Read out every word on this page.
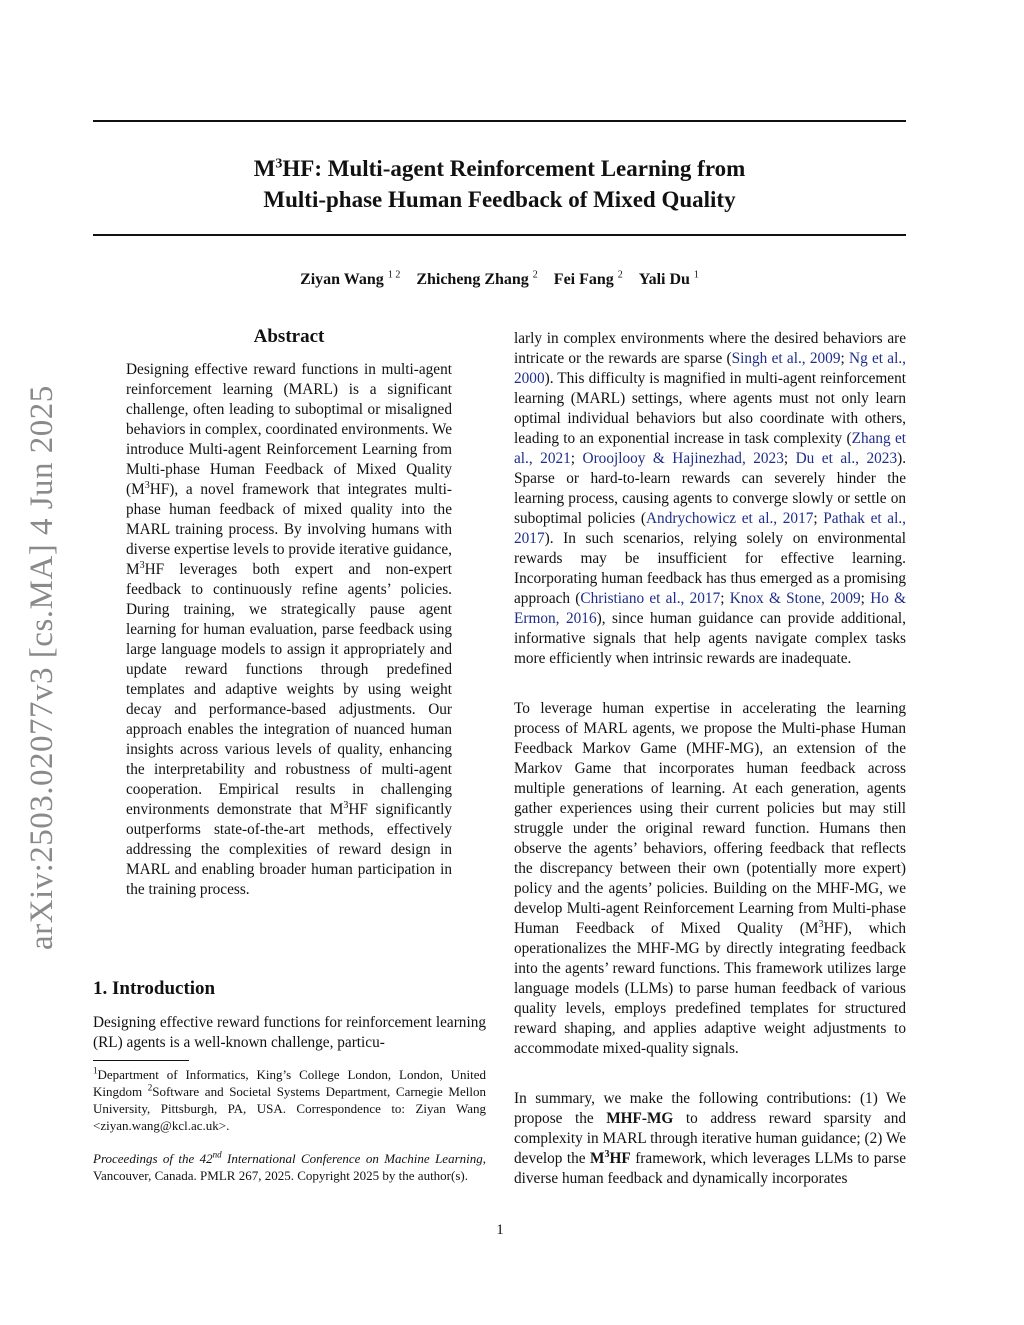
$M^3HF$: Multi-agent Reinforcement Learning from
Multi-phase Human Feedback of Mixed Quality
Ziyan Wang $^{1 2}$ Zhicheng Zhang $^2$ Fei Fang $^2$ Yali Du $^1$
arXiv:2503.02077v3 [cs.MA] 4 Jun 2025
Abstract
Designing effective reward functions in multi-agent reinforcement learning (MARL) is a significant challenge, often leading to suboptimal or misaligned behaviors in complex, coordinated environments. We introduce Multi-agent Reinforcement Learning from Multi-phase Human Feedback of Mixed Quality $(M^3HF)$, a novel framework that integrates multi-phase human feedback of mixed quality into the MARL training process. By involving humans with diverse expertise levels to provide iterative guidance, $M^3HF$ leverages both expert and non-expert feedback to continuously refine agents’ policies. During training, we strategically pause agent learning for human evaluation, parse feedback using large language models to assign it appropriately and update reward functions through predefined templates and adaptive weights by using weight decay and performance-based adjustments. Our approach enables the integration of nuanced human insights across various levels of quality, enhancing the interpretability and robustness of multi-agent cooperation. Empirical results in challenging environments demonstrate that $M^3HF$ significantly outperforms state-of-the-art methods, effectively addressing the complexities of reward design in MARL and enabling broader human participation in the training process.
1. Introduction
Designing effective reward functions for reinforcement learning (RL) agents is a well-known challenge, particu-
$^1$Department of Informatics, King’s College London, London, United Kingdom $^2$Software and Societal Systems Department, Carnegie Mellon University, Pittsburgh, PA, USA. Correspondence to: Ziyan Wang <ziyan.wang@kcl.ac.uk>.
Proceedings of the 42nd International Conference on Machine Learning, Vancouver, Canada. PMLR 267, 2025. Copyright 2025 by the author(s).
larly in complex environments where the desired behaviors are intricate or the rewards are sparse (Singh et al., 2009; Ng et al., 2000). This difficulty is magnified in multi-agent reinforcement learning (MARL) settings, where agents must not only learn optimal individual behaviors but also coordinate with others, leading to an exponential increase in task complexity (Zhang et al., 2021; Oroojlooy & Hajinezhad, 2023; Du et al., 2023). Sparse or hard-to-learn rewards can severely hinder the learning process, causing agents to converge slowly or settle on suboptimal policies (Andrychowicz et al., 2017; Pathak et al., 2017). In such scenarios, relying solely on environmental rewards may be insufficient for effective learning. Incorporating human feedback has thus emerged as a promising approach (Christiano et al., 2017; Knox & Stone, 2009; Ho & Ermon, 2016), since human guidance can provide additional, informative signals that help agents navigate complex tasks more efficiently when intrinsic rewards are inadequate.
To leverage human expertise in accelerating the learning process of MARL agents, we propose the Multi-phase Human Feedback Markov Game (MHF-MG), an extension of the Markov Game that incorporates human feedback across multiple generations of learning. At each generation, agents gather experiences using their current policies but may still struggle under the original reward function. Humans then observe the agents’ behaviors, offering feedback that reflects the discrepancy between their own (potentially more expert) policy and the agents’ policies. Building on the MHF-MG, we develop Multi-agent Reinforcement Learning from Multi-phase Human Feedback of Mixed Quality $(M^3HF)$, which operationalizes the MHF-MG by directly integrating feedback into the agents’ reward functions. This framework utilizes large language models (LLMs) to parse human feedback of various quality levels, employs predefined templates for structured reward shaping, and applies adaptive weight adjustments to accommodate mixed-quality signals.
In summary, we make the following contributions: (1) We propose the MHF-MG to address reward sparsity and complexity in MARL through iterative human guidance; (2) We develop the $M^3HF$ framework, which leverages LLMs to parse diverse human feedback and dynamically incorporates
1
